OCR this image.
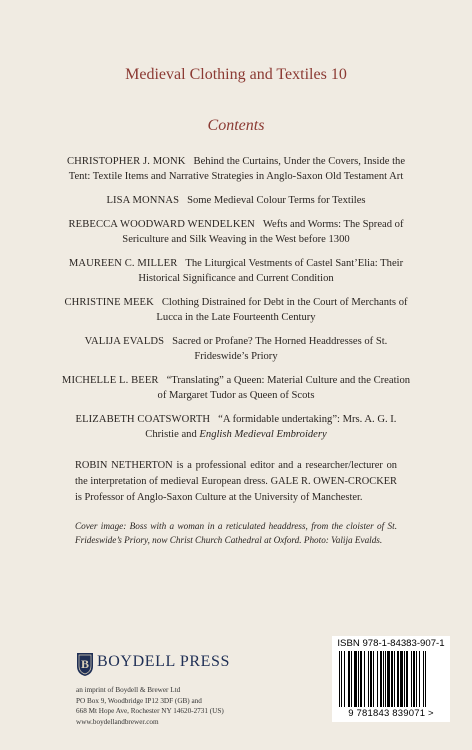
Medieval Clothing and Textiles 10
Contents
CHRISTOPHER J. MONK Behind the Curtains, Under the Covers, Inside the Tent: Textile Items and Narrative Strategies in Anglo-Saxon Old Testament Art
LISA MONNAS Some Medieval Colour Terms for Textiles
REBECCA WOODWARD WENDELKEN Wefts and Worms: The Spread of Sericulture and Silk Weaving in the West before 1300
MAUREEN C. MILLER The Liturgical Vestments of Castel Sant’Elia: Their Historical Significance and Current Condition
CHRISTINE MEEK Clothing Distrained for Debt in the Court of Merchants of Lucca in the Late Fourteenth Century
VALIJA EVALDS Sacred or Profane? The Horned Headdresses of St. Frideswide’s Priory
MICHELLE L. BEER “Translating” a Queen: Material Culture and the Creation of Margaret Tudor as Queen of Scots
ELIZABETH COATSWORTH “A formidable undertaking”: Mrs. A. G. I. Christie and English Medieval Embroidery
ROBIN NETHERTON is a professional editor and a researcher/lecturer on the interpretation of medieval European dress. GALE R. OWEN-CROCKER is Professor of Anglo-Saxon Culture at the University of Manchester.
Cover image: Boss with a woman in a reticulated headdress, from the cloister of St. Frideswide’s Priory, now Christ Church Cathedral at Oxford. Photo: Valija Evalds.
B BOYDELL PRESS
an imprint of Boydell & Brewer Ltd
PO Box 9, Woodbridge IP12 3DF (GB) and
668 Mt Hope Ave, Rochester NY 14620-2731 (US)
www.boydellandbrewer.com
ISBN 978-1-84383-907-1
9 781843 839071 >
